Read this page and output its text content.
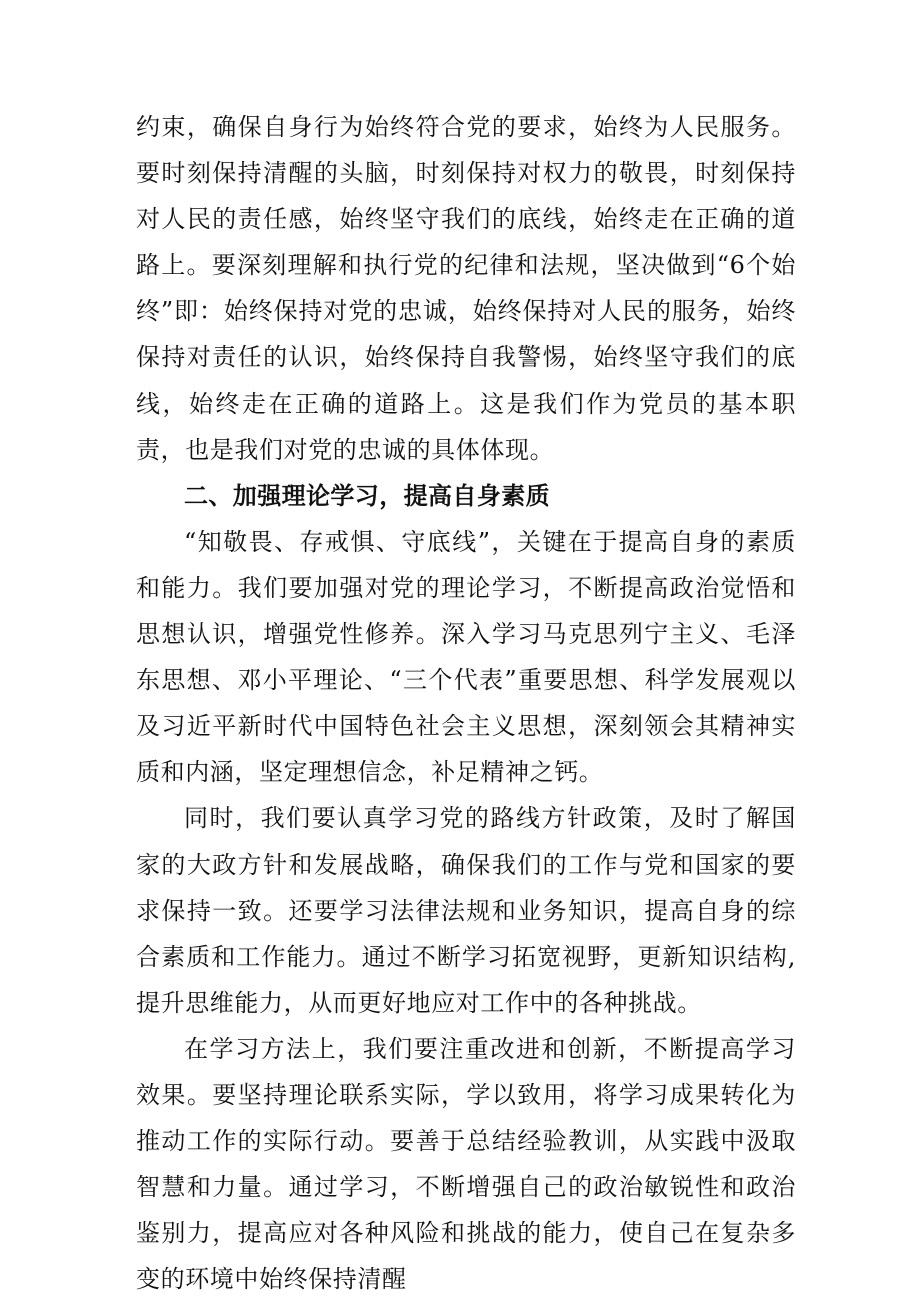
约束，确保自身行为始终符合党的要求，始终为人民服务。要时刻保持清醒的头脑，时刻保持对权力的敬畏，时刻保持对人民的责任感，始终坚守我们的底线，始终走在正确的道路上。要深刻理解和执行党的纪律和法规，坚决做到“6个始终”即：始终保持对党的忠诚，始终保持对人民的服务，始终保持对责任的认识，始终保持自我警惕，始终坚守我们的底线，始终走在正确的道路上。这是我们作为党员的基本职责，也是我们对党的忠诚的具体体现。

二、加强理论学习，提高自身素质

“知敬畏、存戒惧、守底线”，关键在于提高自身的素质和能力。我们要加强对党的理论学习，不断提高政治觉悟和思想认识，增强党性修养。深入学习马克思列宁主义、毛泽东思想、邓小平理论、“三个代表”重要思想、科学发展观以及习近平新时代中国特色社会主义思想，深刻领会其精神实质和内涵，坚定理想信念，补足精神之钙。

同时，我们要认真学习党的路线方针政策，及时了解国家的大政方针和发展战略，确保我们的工作与党和国家的要求保持一致。还要学习法律法规和业务知识，提高自身的综合素质和工作能力。通过不断学习拓宽视野，更新知识结构,提升思维能力，从而更好地应对工作中的各种挑战。

在学习方法上，我们要注重改进和创新，不断提高学习效果。要坚持理论联系实际，学以致用，将学习成果转化为推动工作的实际行动。要善于总结经验教训，从实践中汲取智慧和力量。通过学习，不断增强自己的政治敏锐性和政治鉴别力，提高应对各种风险和挑战的能力，使自己在复杂多变的环境中始终保持清醒
